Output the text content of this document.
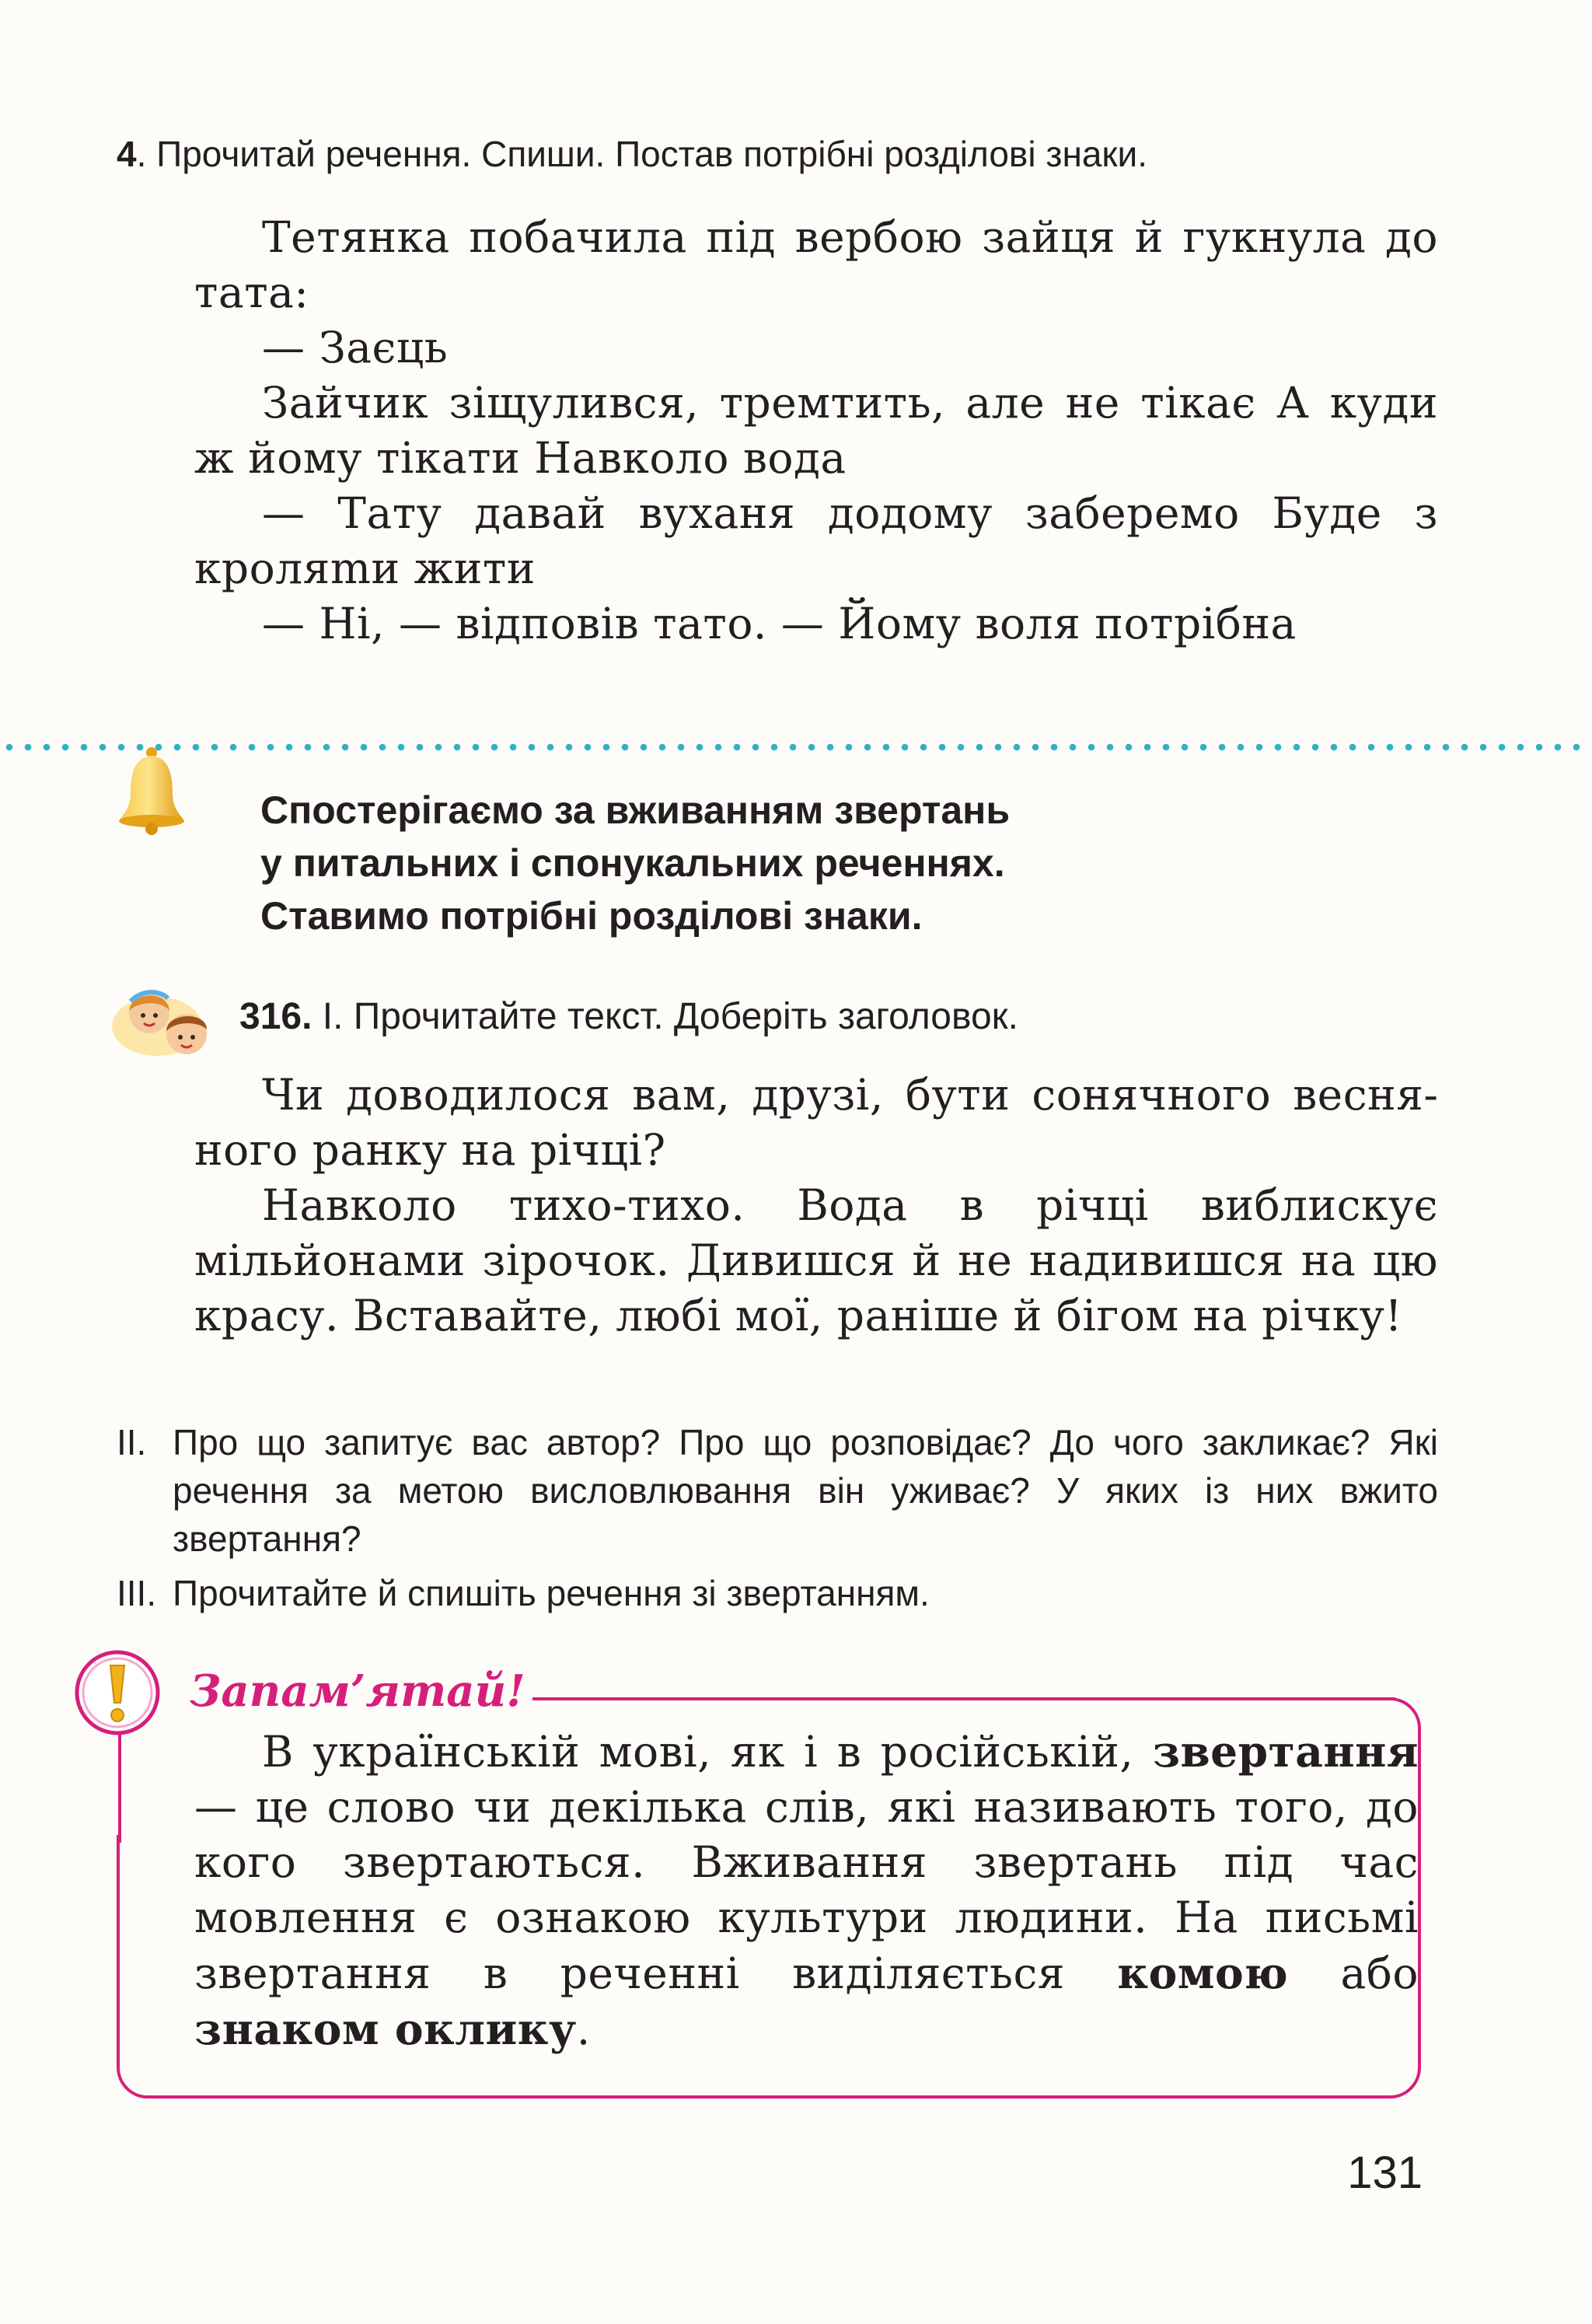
4. Прочитай речення. Спиши. Постав потрібні розділові знаки.

Тетянка побачила під вербою зайця й гукнула до тата:

— Заєць

Зайчик зіщулився, тремтить, але не тікає А куди ж йому тікати Навколо вода

— Тату давай вуханя додому заберемо Буде з кроляmи жити

— Ні, — відповів тато. — Йому воля потрібна

Спостерігаємо за вживанням звертань
у питальних і спонукальних реченнях.
Ставимо потрібні розділові знаки.
316. I. Прочитайте текст. Доберіть заголовок.

Чи доводилося вам, друзі, бути сонячного весняного ранку на річці?

Навколо тихо-тихо. Вода в річці виблискує мільйонами зірочок. Дивишся й не надивишся на цю красу. Вставайте, любі мої, раніше й бігом на річку!

II. Про що запитує вас автор? Про що розповідає? До чого закликає? Які речення за метою висловлювання він уживає? У яких із них вжито звертання?
III. Прочитайте й спишіть речення зі звертанням.
Запам’ятай!

В українській мові, як і в російській, звертання — це слово чи декілька слів, які називають того, до кого звертаються. Вживання звертань під час мовлення є ознакою культури людини. На письмі звертання в реченні виділяється комою або знаком оклику.

131
